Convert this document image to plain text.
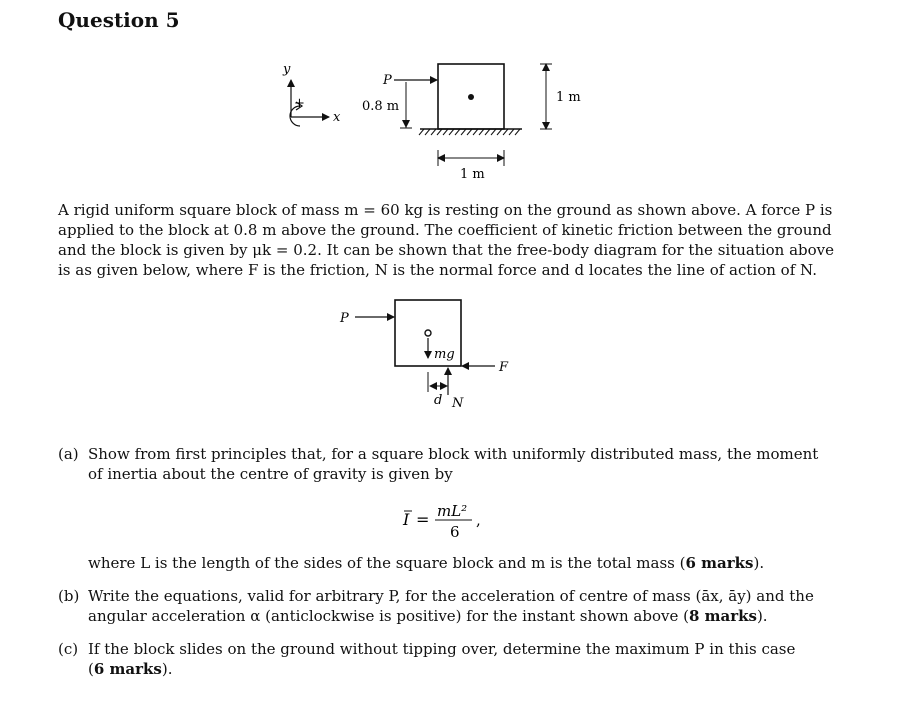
Question 5
y
x
+
P
0.8 m
1 m
1 m
A rigid uniform square block of mass m = 60 kg is resting on the ground as shown above. A force P is
applied to the block at 0.8 m above the ground. The coefficient of kinetic friction between the ground
and the block is given by μk = 0.2. It can be shown that the free-body diagram for the situation above
is as given below, where F is the friction, N is the normal force and d locates the line of action of N.
P
mg
F
N
d
(a) Show from first principles that, for a square block with uniformly distributed mass, the moment
of inertia about the centre of gravity is given by
I = mL²
6
,
where L is the length of the sides of the square block and m is the total mass (6 marks).
(b) Write the equations, valid for arbitrary P, for the acceleration of centre of mass (āx, āy) and the
angular acceleration α (anticlockwise is positive) for the instant shown above (8 marks).
(c) If the block slides on the ground without tipping over, determine the maximum P in this case
(6 marks).
